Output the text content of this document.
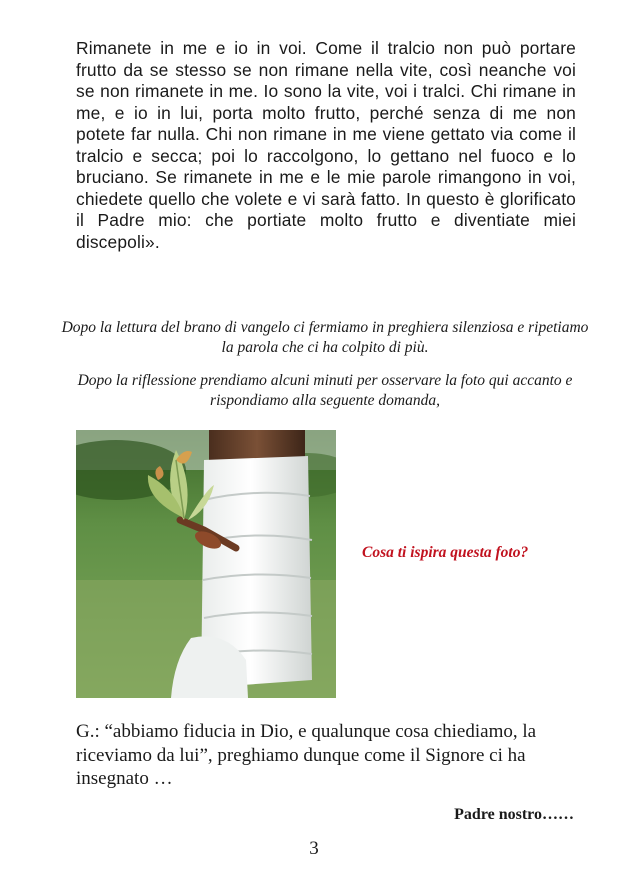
Rimanete in me e io in voi. Come il tralcio non può portare frutto da se stesso se non rimane nella vite, così neanche voi se non rimanete in me. Io sono la vite, voi i tralci. Chi rimane in me, e io in lui, porta molto frutto, perché senza di me non potete far nulla. Chi non rimane in me viene gettato via come il tralcio e secca; poi lo raccolgono, lo gettano nel fuoco e lo bruciano. Se rimanete in me e le mie parole rimangono in voi, chiedete quello che volete e vi sarà fatto. In questo è glorificato il Padre mio: che portiate molto frutto e diventiate miei discepoli».

Dopo la lettura del brano di vangelo ci fermiamo in preghiera silenziosa e ripetiamo la parola che ci ha colpito di più.

Dopo la riflessione prendiamo alcuni minuti per osservare la foto qui accanto e rispondiamo alla seguente domanda,

Cosa ti ispira questa foto?

G.: “abbiamo fiducia in Dio, e qualunque cosa chiediamo, la riceviamo da lui”, preghiamo dunque come il Signore ci ha insegnato …

Padre nostro……
3
